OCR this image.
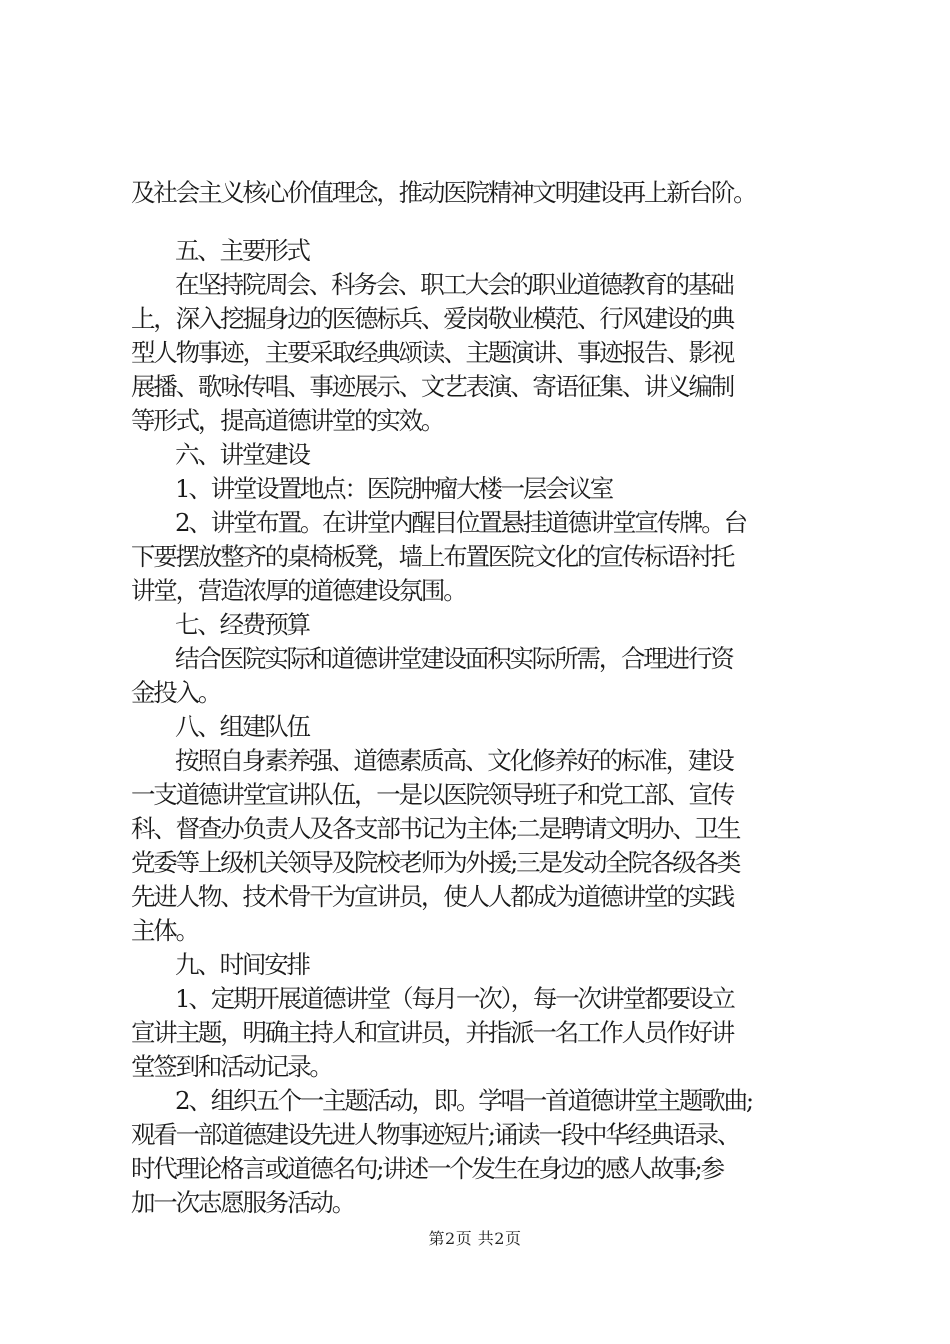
及社会主义核心价值理念，推动医院精神文明建设再上新台阶。
五、主要形式
在坚持院周会、科务会、职工大会的职业道德教育的基础
上，深入挖掘身边的医德标兵、爱岗敬业模范、行风建设的典
型人物事迹，主要采取经典颂读、主题演讲、事迹报告、影视
展播、歌咏传唱、事迹展示、文艺表演、寄语征集、讲义编制
等形式，提高道德讲堂的实效。
六、讲堂建设
1、讲堂设置地点：医院肿瘤大楼一层会议室
2、讲堂布置。在讲堂内醒目位置悬挂道德讲堂宣传牌。台
下要摆放整齐的桌椅板凳，墙上布置医院文化的宣传标语衬托
讲堂，营造浓厚的道德建设氛围。
七、经费预算
结合医院实际和道德讲堂建设面积实际所需，合理进行资
金投入。
八、组建队伍
按照自身素养强、道德素质高、文化修养好的标准，建设
一支道德讲堂宣讲队伍，一是以医院领导班子和党工部、宣传
科、督查办负责人及各支部书记为主体;二是聘请文明办、卫生
党委等上级机关领导及院校老师为外援;三是发动全院各级各类
先进人物、技术骨干为宣讲员，使人人都成为道德讲堂的实践
主体。
九、时间安排
1、定期开展道德讲堂（每月一次），每一次讲堂都要设立
宣讲主题，明确主持人和宣讲员，并指派一名工作人员作好讲
堂签到和活动记录。
2、组织五个一主题活动，即。学唱一首道德讲堂主题歌曲;
观看一部道德建设先进人物事迹短片;诵读一段中华经典语录、
时代理论格言或道德名句;讲述一个发生在身边的感人故事;参
加一次志愿服务活动。
第2页 共2页
